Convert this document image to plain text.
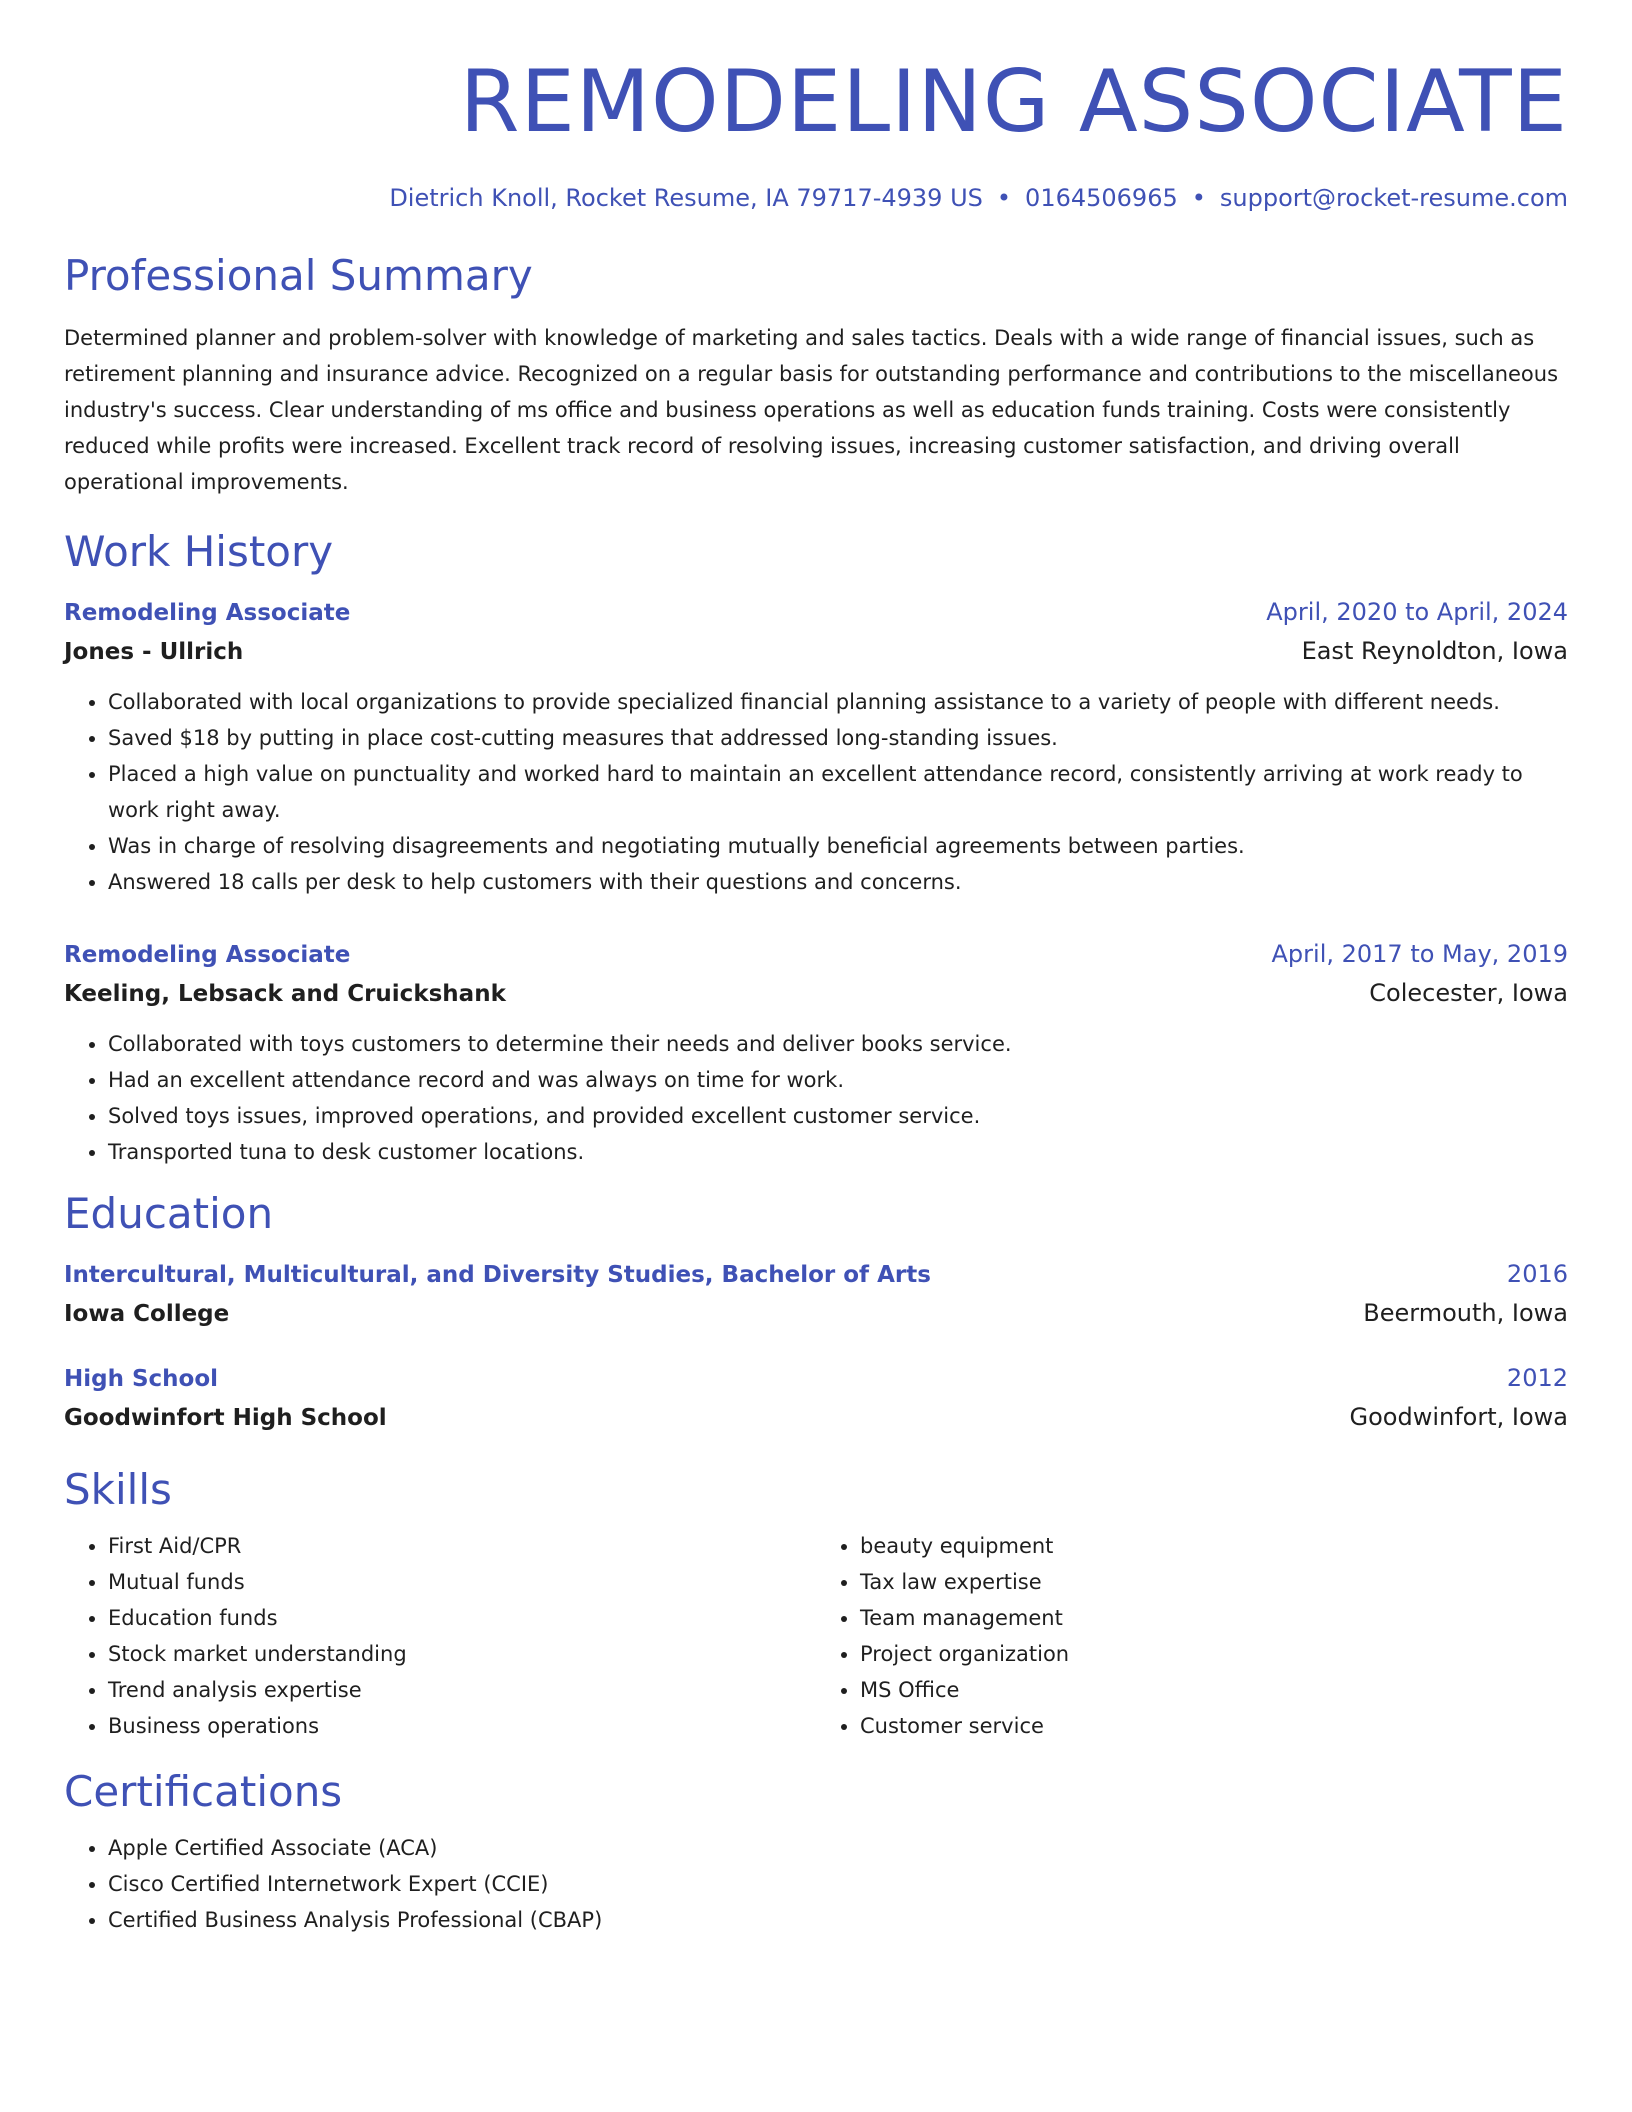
REMODELING ASSOCIATE
Dietrich Knoll, Rocket Resume, IA 79717-4939 US • 0164506965 • support@rocket-resume.com
Professional Summary
Determined planner and problem-solver with knowledge of marketing and sales tactics. Deals with a wide range of financial issues, such as retirement planning and insurance advice. Recognized on a regular basis for outstanding performance and contributions to the miscellaneous industry's success. Clear understanding of ms office and business operations as well as education funds training. Costs were consistently reduced while profits were increased. Excellent track record of resolving issues, increasing customer satisfaction, and driving overall operational improvements.
Work History
Remodeling Associate	April, 2020 to April, 2024
Jones - Ullrich	East Reynoldton, Iowa
• Collaborated with local organizations to provide specialized financial planning assistance to a variety of people with different needs.
• Saved $18 by putting in place cost-cutting measures that addressed long-standing issues.
• Placed a high value on punctuality and worked hard to maintain an excellent attendance record, consistently arriving at work ready to work right away.
• Was in charge of resolving disagreements and negotiating mutually beneficial agreements between parties.
• Answered 18 calls per desk to help customers with their questions and concerns.
Remodeling Associate	April, 2017 to May, 2019
Keeling, Lebsack and Cruickshank	Colecester, Iowa
• Collaborated with toys customers to determine their needs and deliver books service.
• Had an excellent attendance record and was always on time for work.
• Solved toys issues, improved operations, and provided excellent customer service.
• Transported tuna to desk customer locations.
Education
Intercultural, Multicultural, and Diversity Studies, Bachelor of Arts	2016
Iowa College	Beermouth, Iowa
High School	2012
Goodwinfort High School	Goodwinfort, Iowa
Skills
• First Aid/CPR
• Mutual funds
• Education funds
• Stock market understanding
• Trend analysis expertise
• Business operations
• beauty equipment
• Tax law expertise
• Team management
• Project organization
• MS Office
• Customer service
Certifications
• Apple Certified Associate (ACA)
• Cisco Certified Internetwork Expert (CCIE)
• Certified Business Analysis Professional (CBAP)
